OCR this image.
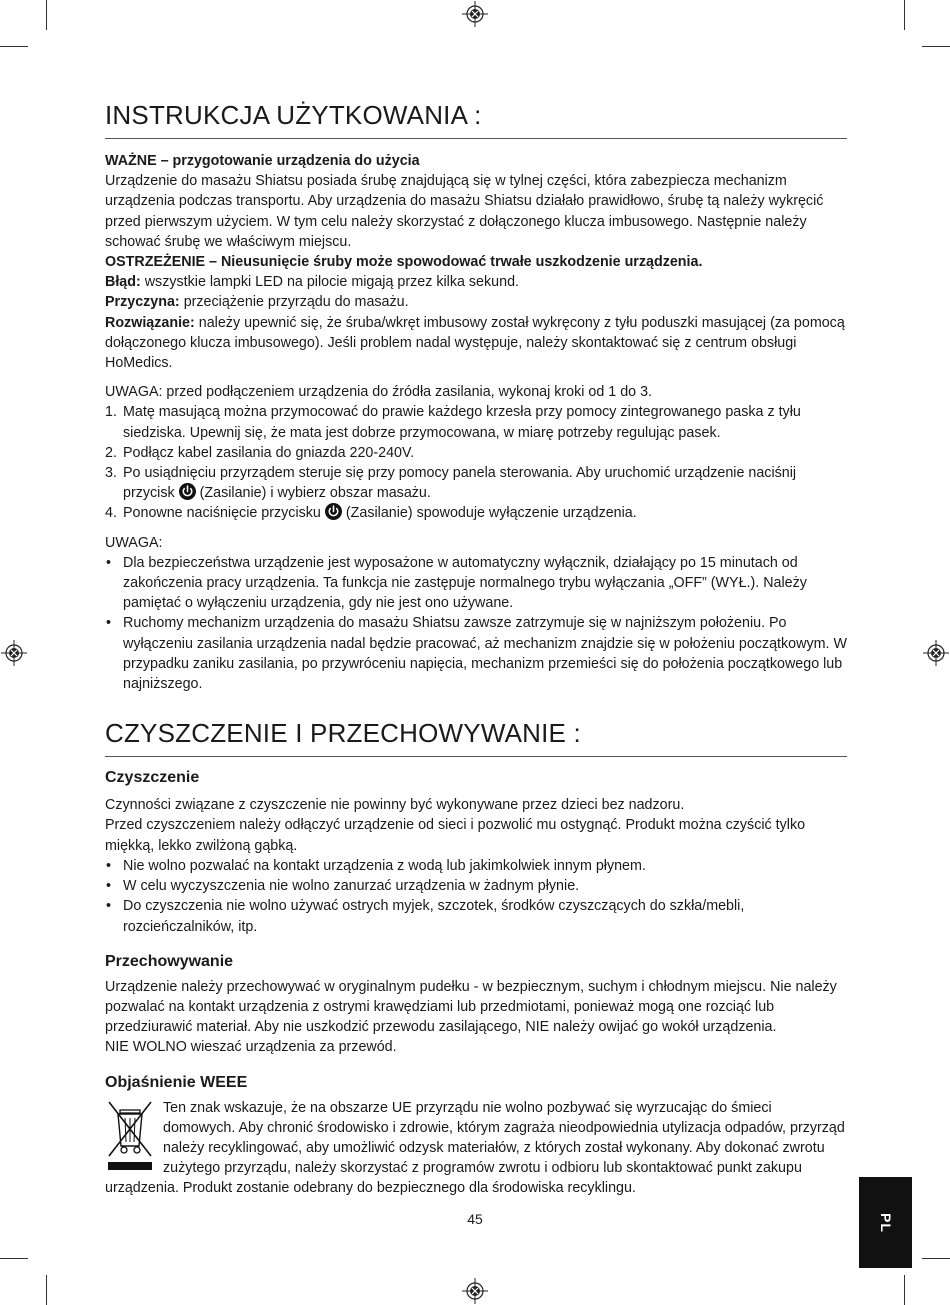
INSTRUKCJA UŻYTKOWANIA :

WAŻNE – przygotowanie urządzenia do użycia

Urządzenie do masażu Shiatsu posiada śrubę znajdującą się w tylnej części, która zabezpiecza mechanizm urządzenia podczas transportu. Aby urządzenia do masażu Shiatsu działało prawidłowo, śrubę tą należy wykręcić przed pierwszym użyciem. W tym celu należy skorzystać z dołączonego klucza imbusowego. Następnie należy schować śrubę we właściwym miejscu.

OSTRZEŻENIE – Nieusunięcie śruby może spowodować trwałe uszkodzenie urządzenia.

Błąd: wszystkie lampki LED na pilocie migają przez kilka sekund.

Przyczyna: przeciążenie przyrządu do masażu.

Rozwiązanie: należy upewnić się, że śruba/wkręt imbusowy został wykręcony z tyłu poduszki masującej (za pomocą dołączonego klucza imbusowego). Jeśli problem nadal występuje, należy skontaktować się z centrum obsługi HoMedics.

UWAGA: przed podłączeniem urządzenia do źródła zasilania, wykonaj kroki od 1 do 3.

1. Matę masującą można przymocować do prawie każdego krzesła przy pomocy zintegrowanego paska z tyłu siedziska. Upewnij się, że mata jest dobrze przymocowana, w miarę potrzeby regulując pasek.
2. Podłącz kabel zasilania do gniazda 220-240V.
3. Po usiądnięciu przyrządem steruje się przy pomocy panela sterowania. Aby uruchomić urządzenie naciśnij przycisk (Zasilanie) i wybierz obszar masażu.
4. Ponowne naciśnięcie przycisku (Zasilanie) spowoduje wyłączenie urządzenia.

UWAGA:

• Dla bezpieczeństwa urządzenie jest wyposażone w automatyczny wyłącznik, działający po 15 minutach od zakończenia pracy urządzenia. Ta funkcja nie zastępuje normalnego trybu wyłączania „OFF” (WYŁ.). Należy pamiętać o wyłączeniu urządzenia, gdy nie jest ono używane.
• Ruchomy mechanizm urządzenia do masażu Shiatsu zawsze zatrzymuje się w najniższym położeniu. Po wyłączeniu zasilania urządzenia nadal będzie pracować, aż mechanizm znajdzie się w położeniu początkowym. W przypadku zaniku zasilania, po przywróceniu napięcia, mechanizm przemieści się do położenia początkowego lub najniższego.
CZYSZCZENIE I PRZECHOWYWANIE :
Czyszczenie

Czynności związane z czyszczenie nie powinny być wykonywane przez dzieci bez nadzoru.

Przed czyszczeniem należy odłączyć urządzenie od sieci i pozwolić mu ostygnąć. Produkt można czyścić tylko miękką, lekko zwilżoną gąbką.

• Nie wolno pozwalać na kontakt urządzenia z wodą lub jakimkolwiek innym płynem.
• W celu wyczyszczenia nie wolno zanurzać urządzenia w żadnym płynie.
• Do czyszczenia nie wolno używać ostrych myjek, szczotek, środków czyszczących do szkła/mebli, rozcieńczalników, itp.
Przechowywanie

Urządzenie należy przechowywać w oryginalnym pudełku - w bezpiecznym, suchym i chłodnym miejscu. Nie należy pozwalać na kontakt urządzenia z ostrymi krawędziami lub przedmiotami, ponieważ mogą one rozciąć lub przedziurawić materiał. Aby nie uszkodzić przewodu zasilającego, NIE należy owijać go wokół urządzenia.

NIE WOLNO wieszać urządzenia za przewód.

Objaśnienie WEEE

Ten znak wskazuje, że na obszarze UE przyrządu nie wolno pozbywać się wyrzucając do śmieci domowych. Aby chronić środowisko i zdrowie, którym zagraża nieodpowiednia utylizacja odpadów, przyrząd należy recyklingować, aby umożliwić odzysk materiałów, z których został wykonany. Aby dokonać zwrotu zużytego przyrządu, należy skorzystać z programów zwrotu i odbioru lub skontaktować punkt zakupu urządzenia. Produkt zostanie odebrany do bezpiecznego dla środowiska recyklingu.

45	PL
